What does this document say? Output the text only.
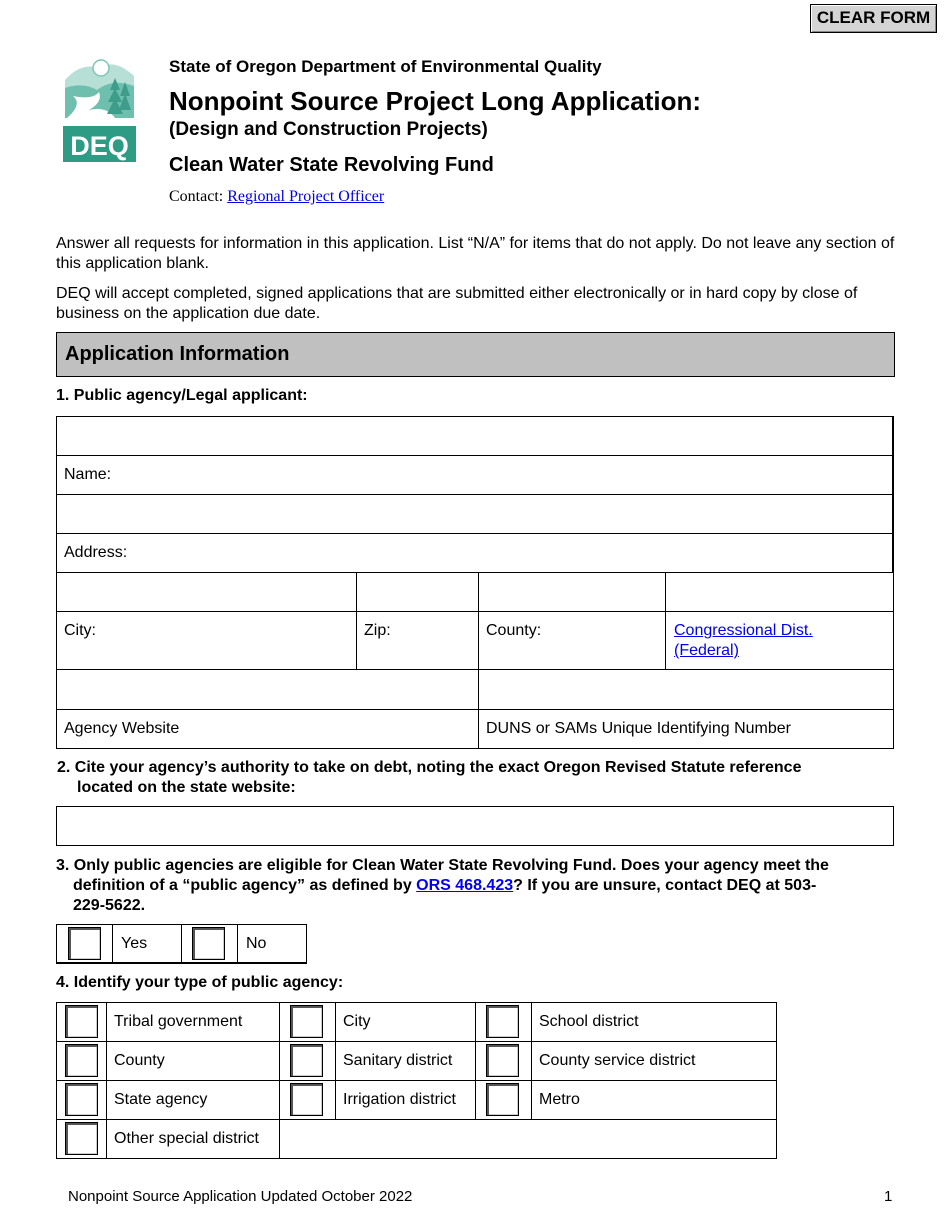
CLEAR FORM
DEQ
State of Oregon Department of Environmental Quality
Nonpoint Source Project Long Application:
(Design and Construction Projects)
Clean Water State Revolving Fund
Contact: Regional Project Officer
Answer all requests for information in this application. List “N/A” for items that do not apply. Do not leave any section of this application blank.
DEQ will accept completed, signed applications that are submitted either electronically or in hard copy by close of business on the application due date.
Application Information
1. Public agency/Legal applicant:
Name:
Address:
City:	Zip:	County:	Congressional Dist.
(Federal)
Agency Website	DUNS or SAMs Unique Identifying Number
2. Cite your agency’s authority to take on debt, noting the exact Oregon Revised Statute reference
located on the state website:
3. Only public agencies are eligible for Clean Water State Revolving Fund. Does your agency meet the
definition of a “public agency” as defined by ORS 468.423? If you are unsure, contact DEQ at 503-
229-5622.
Yes	No
4. Identify your type of public agency:
Tribal government	City	School district
County	Sanitary district	County service district
State agency	Irrigation district	Metro
Other special district
Nonpoint Source Application Updated October 2022	1
